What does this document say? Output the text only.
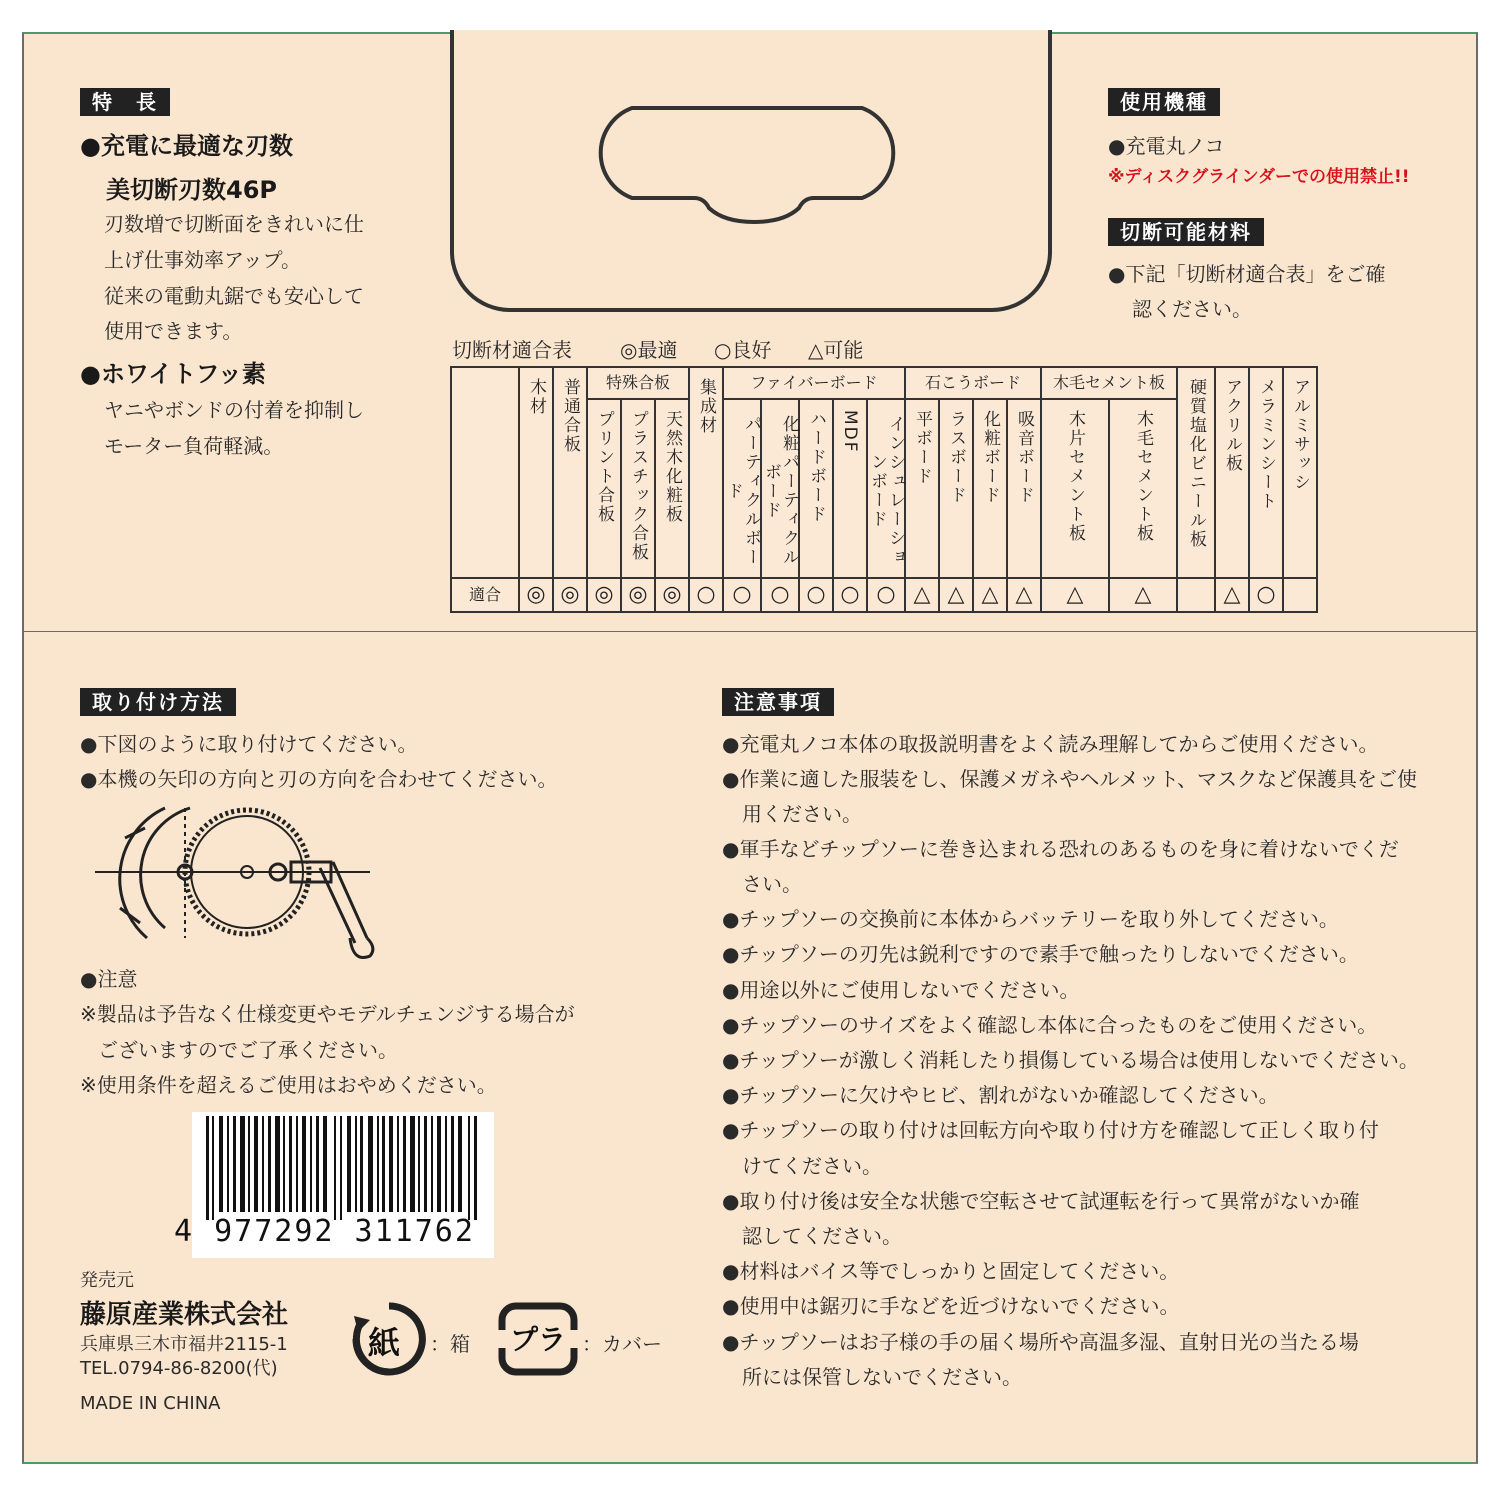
特　長
●充電に最適な刃数
美切断刃数46P
刃数増で切断面をきれいに仕
上げ仕事効率アップ。
従来の電動丸鋸でも安心して
使用できます。
●ホワイトフッ素
ヤニやボンドの付着を抑制し
モーター負荷軽減。
使用機種
●充電丸ノコ
※ディスクグラインダーでの使用禁止!!
切断可能材料
●下記「切断材適合表」をご確
認ください。
切断材適合表 ◎最適 ○良好 △可能
	木材	普通合板	特殊合板			集成材	ファイバーボード					石こうボード				木毛セメント板		硬質塩化ビニール板	アクリル板	メラミンシート	アルミサッシ
			プリント合板	プラスチック合板	天然木化粧板		パーティクルボード	化粧パーティクルボード	ハードボード	MDF	インシュレーションボード	平ボード	ラスボード	化粧ボード	吸音ボード	木片セメント板	木毛セメント板				
適合	◎	◎	◎	◎	◎	○	○	○	○	○	○	△	△	△	△	△	△		△	○	
取り付け方法
●下図のように取り付けてください。
●本機の矢印の方向と刃の方向を合わせてください。
●注意
※製品は予告なく仕様変更やモデルチェンジする場合が
ございますのでご了承ください。
※使用条件を超えるご使用はおやめください。
4 977292 311762
発売元
藤原産業株式会社
兵庫県三木市福井2115-1
TEL.0794-86-8200(代)
MADE IN CHINA
紙 ：箱 プラ ：カバー
注意事項
●充電丸ノコ本体の取扱説明書をよく読み理解してからご使用ください。
●作業に適した服装をし、保護メガネやヘルメット、マスクなど保護具をご使
　用ください。
●軍手などチップソーに巻き込まれる恐れのあるものを身に着けないでくだ
　さい。
●チップソーの交換前に本体からバッテリーを取り外してください。
●チップソーの刃先は鋭利ですので素手で触ったりしないでください。
●用途以外にご使用しないでください。
●チップソーのサイズをよく確認し本体に合ったものをご使用ください。
●チップソーが激しく消耗したり損傷している場合は使用しないでください。
●チップソーに欠けやヒビ、割れがないか確認してください。
●チップソーの取り付けは回転方向や取り付け方を確認して正しく取り付
　けてください。
●取り付け後は安全な状態で空転させて試運転を行って異常がないか確
　認してください。
●材料はバイス等でしっかりと固定してください。
●使用中は鋸刃に手などを近づけないでください。
●チップソーはお子様の手の届く場所や高温多湿、直射日光の当たる場
　所には保管しないでください。
